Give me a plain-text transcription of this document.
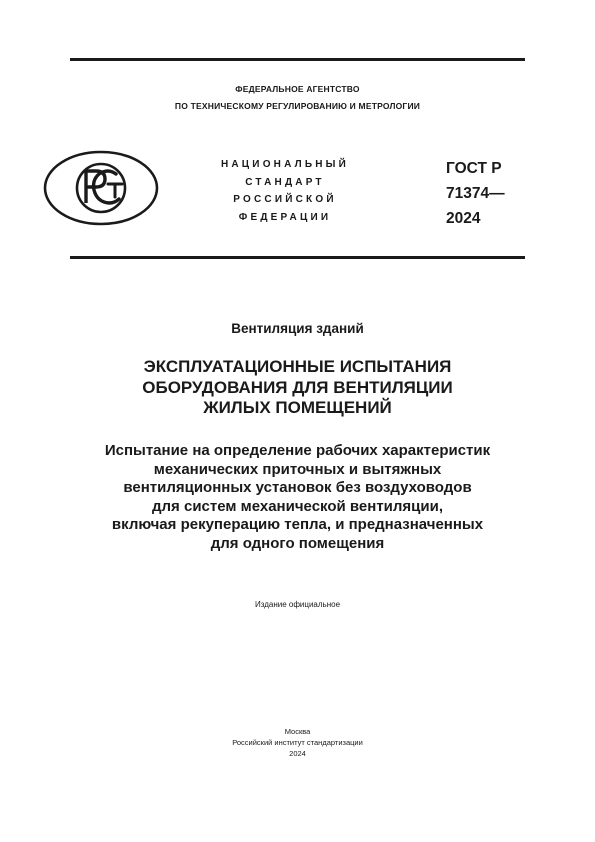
ФЕДЕРАЛЬНОЕ АГЕНТСТВО
ПО ТЕХНИЧЕСКОМУ РЕГУЛИРОВАНИЮ И МЕТРОЛОГИИ
НАЦИОНАЛЬНЫЙ
СТАНДАРТ
РОССИЙСКОЙ
ФЕДЕРАЦИИ
ГОСТ Р
71374—
2024
Вентиляция зданий
ЭКСПЛУАТАЦИОННЫЕ ИСПЫТАНИЯ
ОБОРУДОВАНИЯ ДЛЯ ВЕНТИЛЯЦИИ
ЖИЛЫХ ПОМЕЩЕНИЙ
Испытание на определение рабочих характеристик
механических приточных и вытяжных
вентиляционных установок без воздуховодов
для систем механической вентиляции,
включая рекуперацию тепла, и предназначенных
для одного помещения
Издание официальное
Москва
Российский институт стандартизации
2024
